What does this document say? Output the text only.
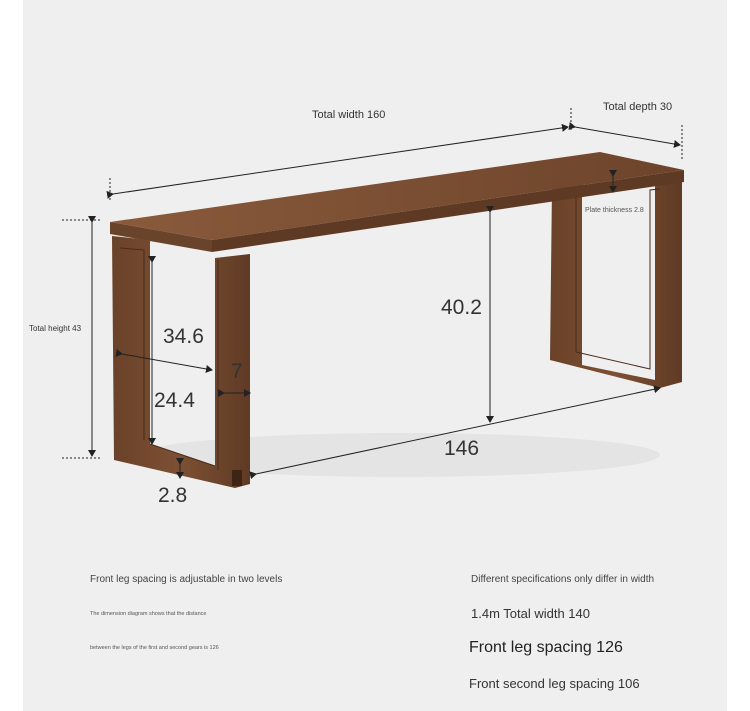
Total width 160
Total depth 30
Plate thickness 2.8
Total height 43
40.2
34.6
24.4
7
2.8
146
Front leg spacing is adjustable in two levels
The dimension diagram shows that the distance
between the legs of the first and second gears is 126
Different specifications only differ in width
1.4m Total width 140
Front leg spacing 126
Front second leg spacing 106
